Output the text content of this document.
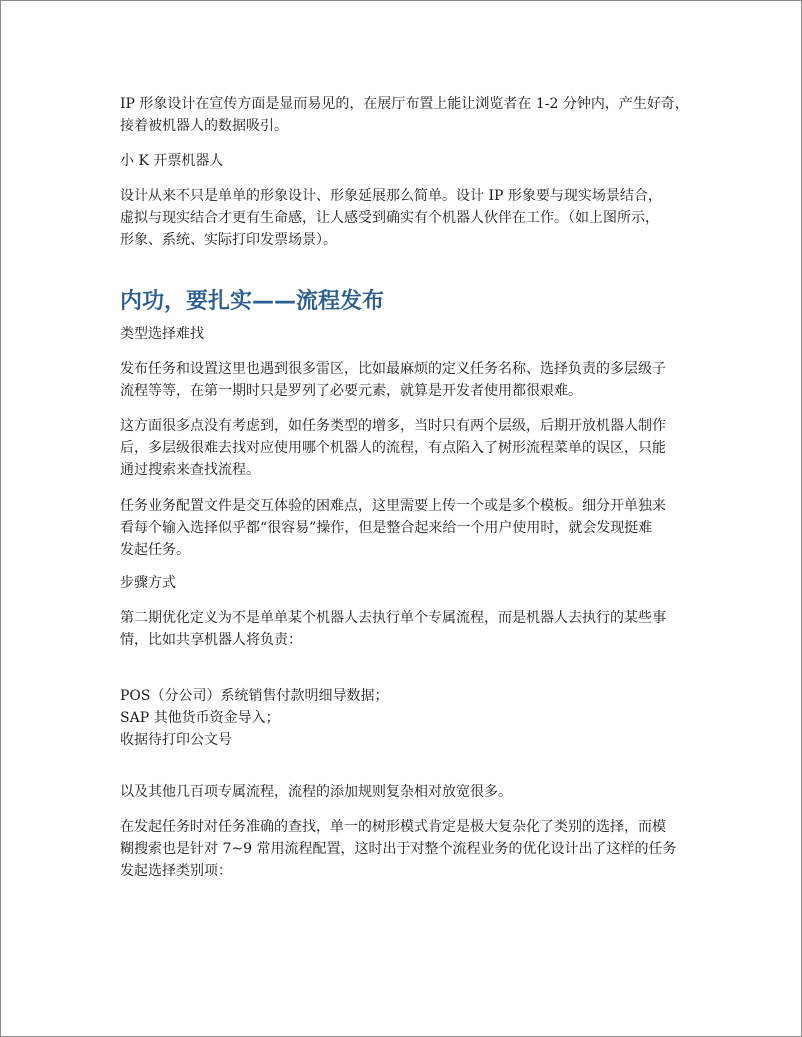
IP 形象设计在宣传方面是显而易见的，在展厅布置上能让浏览者在 1-2 分钟内，产生好奇，
接着被机器人的数据吸引。
小 K 开票机器人
设计从来不只是单单的形象设计、形象延展那么简单。设计 IP 形象要与现实场景结合，
虚拟与现实结合才更有生命感，让人感受到确实有个机器人伙伴在工作。（如上图所示，
形象、系统、实际打印发票场景）。
内功，要扎实——流程发布
类型选择难找
发布任务和设置这里也遇到很多雷区，比如最麻烦的定义任务名称、选择负责的多层级子
流程等等，在第一期时只是罗列了必要元素，就算是开发者使用都很艰难。
这方面很多点没有考虑到，如任务类型的增多，当时只有两个层级，后期开放机器人制作
后，多层级很难去找对应使用哪个机器人的流程，有点陷入了树形流程菜单的误区，只能
通过搜索来查找流程。
任务业务配置文件是交互体验的困难点，这里需要上传一个或是多个模板。细分开单独来
看每个输入选择似乎都“很容易”操作，但是整合起来给一个用户使用时，就会发现挺难
发起任务。
步骤方式
第二期优化定义为不是单单某个机器人去执行单个专属流程，而是机器人去执行的某些事
情，比如共享机器人将负责：
POS（分公司）系统销售付款明细导数据；
SAP 其他货币资金导入；
收据待打印公文号
以及其他几百项专属流程，流程的添加规则复杂相对放宽很多。
在发起任务时对任务准确的查找，单一的树形模式肯定是极大复杂化了类别的选择，而模
糊搜索也是针对 7~9 常用流程配置，这时出于对整个流程业务的优化设计出了这样的任务
发起选择类别项：
